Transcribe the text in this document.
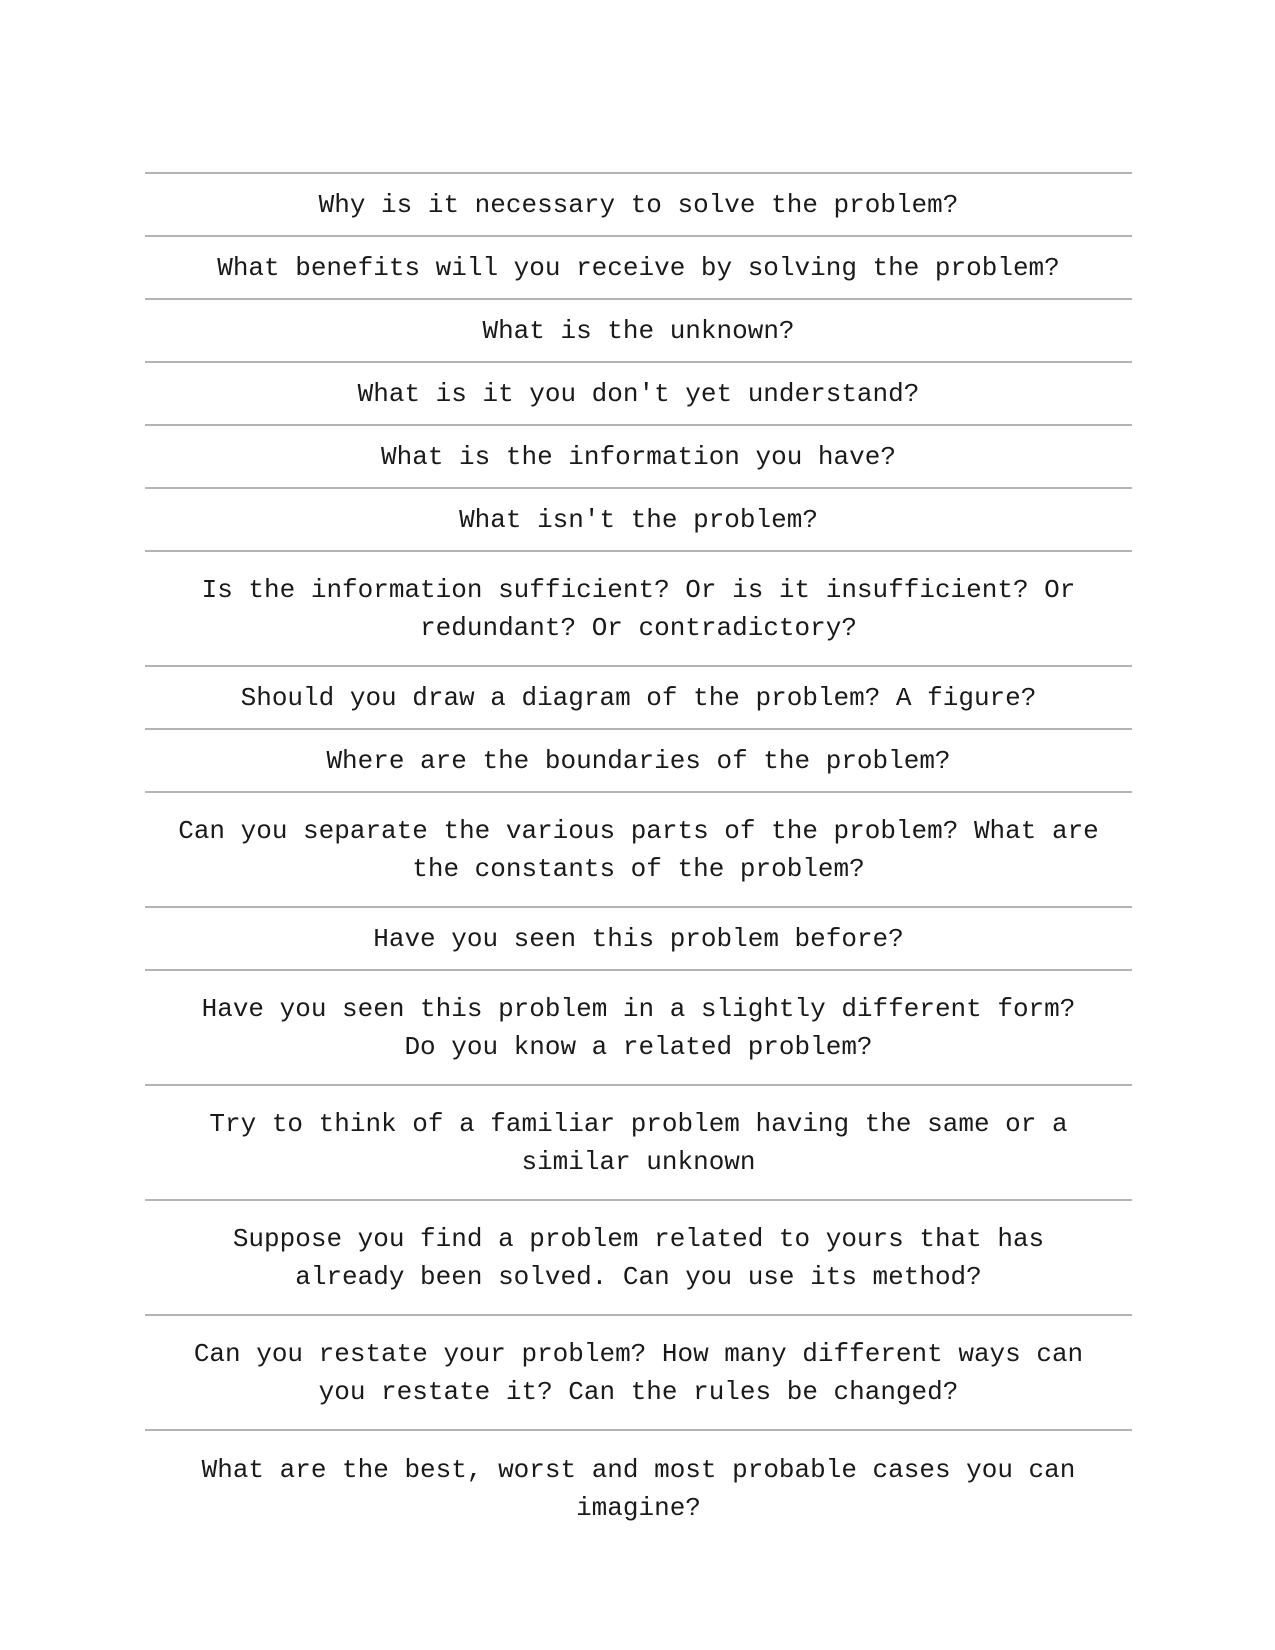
Why is it necessary to solve the problem?
What benefits will you receive by solving the problem?
What is the unknown?
What is it you don't yet understand?
What is the information you have?
What isn't the problem?
Is the information sufficient? Or is it insufficient? Or redundant? Or contradictory?
Should you draw a diagram of the problem? A figure?
Where are the boundaries of the problem?
Can you separate the various parts of the problem? What are the constants of the problem?
Have you seen this problem before?
Have you seen this problem in a slightly different form? Do you know a related problem?
Try to think of a familiar problem having the same or a similar unknown
Suppose you find a problem related to yours that has already been solved. Can you use its method?
Can you restate your problem? How many different ways can you restate it? Can the rules be changed?
What are the best, worst and most probable cases you can imagine?
